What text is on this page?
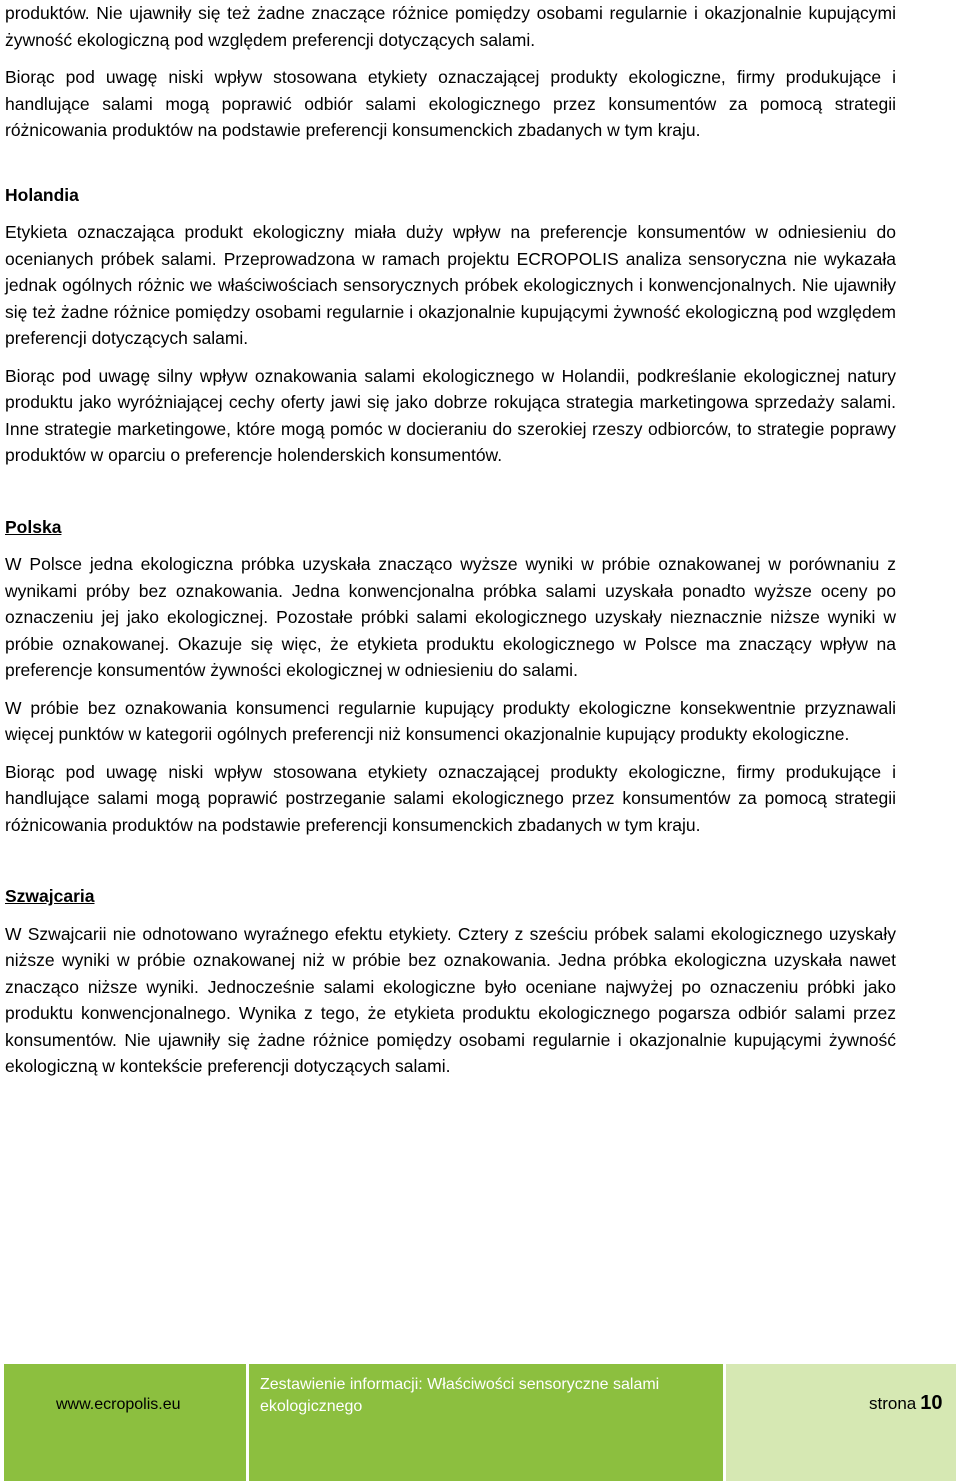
produktów. Nie ujawniły się też żadne znaczące różnice pomiędzy osobami regularnie i okazjonalnie kupującymi żywność ekologiczną pod względem preferencji dotyczących salami.

Biorąc pod uwagę niski wpływ stosowana etykiety oznaczającej produkty ekologiczne, firmy produkujące i handlujące salami mogą poprawić odbiór salami ekologicznego przez konsumentów za pomocą strategii różnicowania produktów na podstawie preferencji konsumenckich zbadanych w tym kraju.

Holandia

Etykieta oznaczająca produkt ekologiczny miała duży wpływ na preferencje konsumentów w odniesieniu do ocenianych próbek salami. Przeprowadzona w ramach projektu ECROPOLIS analiza sensoryczna nie wykazała jednak ogólnych różnic we właściwościach sensorycznych próbek ekologicznych i konwencjonalnych. Nie ujawniły się też żadne różnice pomiędzy osobami regularnie i okazjonalnie kupującymi żywność ekologiczną pod względem preferencji dotyczących salami.

Biorąc pod uwagę silny wpływ oznakowania salami ekologicznego w Holandii, podkreślanie ekologicznej natury produktu jako wyróżniającej cechy oferty jawi się jako dobrze rokująca strategia marketingowa sprzedaży salami. Inne strategie marketingowe, które mogą pomóc w docieraniu do szerokiej rzeszy odbiorców, to strategie poprawy produktów w oparciu o preferencje holenderskich konsumentów.

Polska

W Polsce jedna ekologiczna próbka uzyskała znacząco wyższe wyniki w próbie oznakowanej w porównaniu z wynikami próby bez oznakowania. Jedna konwencjonalna próbka salami uzyskała ponadto wyższe oceny po oznaczeniu jej jako ekologicznej. Pozostałe próbki salami ekologicznego uzyskały nieznacznie niższe wyniki w próbie oznakowanej. Okazuje się więc, że etykieta produktu ekologicznego w Polsce ma znaczący wpływ na preferencje konsumentów żywności ekologicznej w odniesieniu do salami.

W próbie bez oznakowania konsumenci regularnie kupujący produkty ekologiczne konsekwentnie przyznawali więcej punktów w kategorii ogólnych preferencji niż konsumenci okazjonalnie kupujący produkty ekologiczne.

Biorąc pod uwagę niski wpływ stosowana etykiety oznaczającej produkty ekologiczne, firmy produkujące i handlujące salami mogą poprawić postrzeganie salami ekologicznego przez konsumentów za pomocą strategii różnicowania produktów na podstawie preferencji konsumenckich zbadanych w tym kraju.

Szwajcaria

W Szwajcarii nie odnotowano wyraźnego efektu etykiety. Cztery z sześciu próbek salami ekologicznego uzyskały niższe wyniki w próbie oznakowanej niż w próbie bez oznakowania. Jedna próbka ekologiczna uzyskała nawet znacząco niższe wyniki. Jednocześnie salami ekologiczne było oceniane najwyżej po oznaczeniu próbki jako produktu konwencjonalnego. Wynika z tego, że etykieta produktu ekologicznego pogarsza odbiór salami przez konsumentów. Nie ujawniły się żadne różnice pomiędzy osobami regularnie i okazjonalnie kupującymi żywność ekologiczną w kontekście preferencji dotyczących salami.

www.ecropolis.eu
Zestawienie informacji: Właściwości sensoryczne salami ekologicznego	strona 10
